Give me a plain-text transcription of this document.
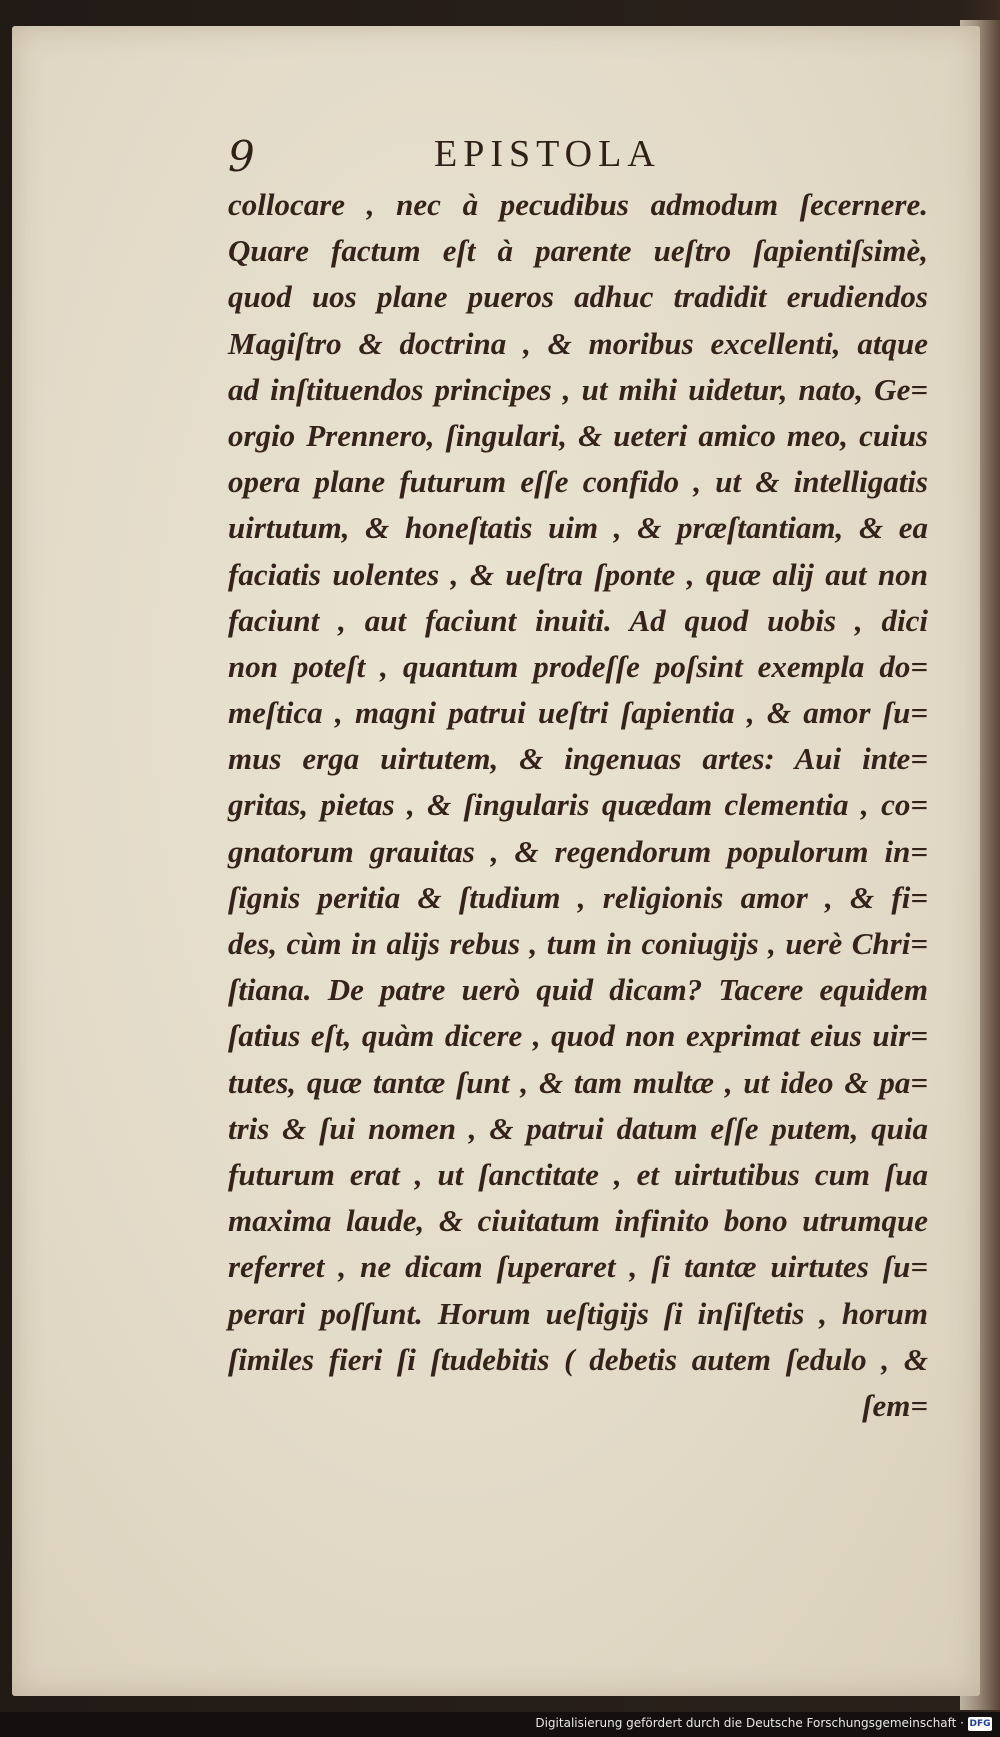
9	EPISTOLA
collocare , nec à pecudibus admodum ſecernere.
Quare factum eſt à parente ueſtro ſapientiſsimè,
quod uos plane pueros adhuc tradidit erudiendos
Magiſtro & doctrina , & moribus excellenti, atque
ad inſtituendos principes , ut mihi uidetur, nato, Ge=
orgio Prennero, ſingulari, & ueteri amico meo, cuius
opera plane futurum eſſe confido , ut & intelligatis
uirtutum, & honeſtatis uim , & præſtantiam, & ea
faciatis uolentes , & ueſtra ſponte , quæ alij aut non
faciunt , aut faciunt inuiti. Ad quod uobis , dici
non poteſt , quantum prodeſſe poſsint exempla do=
meſtica , magni patrui ueſtri ſapientia , & amor ſu=
mus erga uirtutem, & ingenuas artes: Aui inte=
gritas, pietas , & ſingularis quædam clementia , co=
gnatorum grauitas , & regendorum populorum in=
ſignis peritia & ſtudium , religionis amor , & fi=
des, cùm in alijs rebus , tum in coniugijs , uerè Chri=
ſtiana. De patre uerò quid dicam? Tacere equidem
ſatius eſt, quàm dicere , quod non exprimat eius uir=
tutes, quæ tantæ ſunt , & tam multæ , ut ideo & pa=
tris & ſui nomen , & patrui datum eſſe putem, quia
futurum erat , ut ſanctitate , et uirtutibus cum ſua
maxima laude, & ciuitatum infinito bono utrumque
referret , ne dicam ſuperaret , ſi tantæ uirtutes ſu=
perari poſſunt. Horum ueſtigijs ſi inſiſtetis , horum
ſimiles fieri ſi ſtudebitis ( debetis autem ſedulo , &
ſem=
Digitalisierung gefördert durch die Deutsche Forschungsgemeinschaft · DFG
